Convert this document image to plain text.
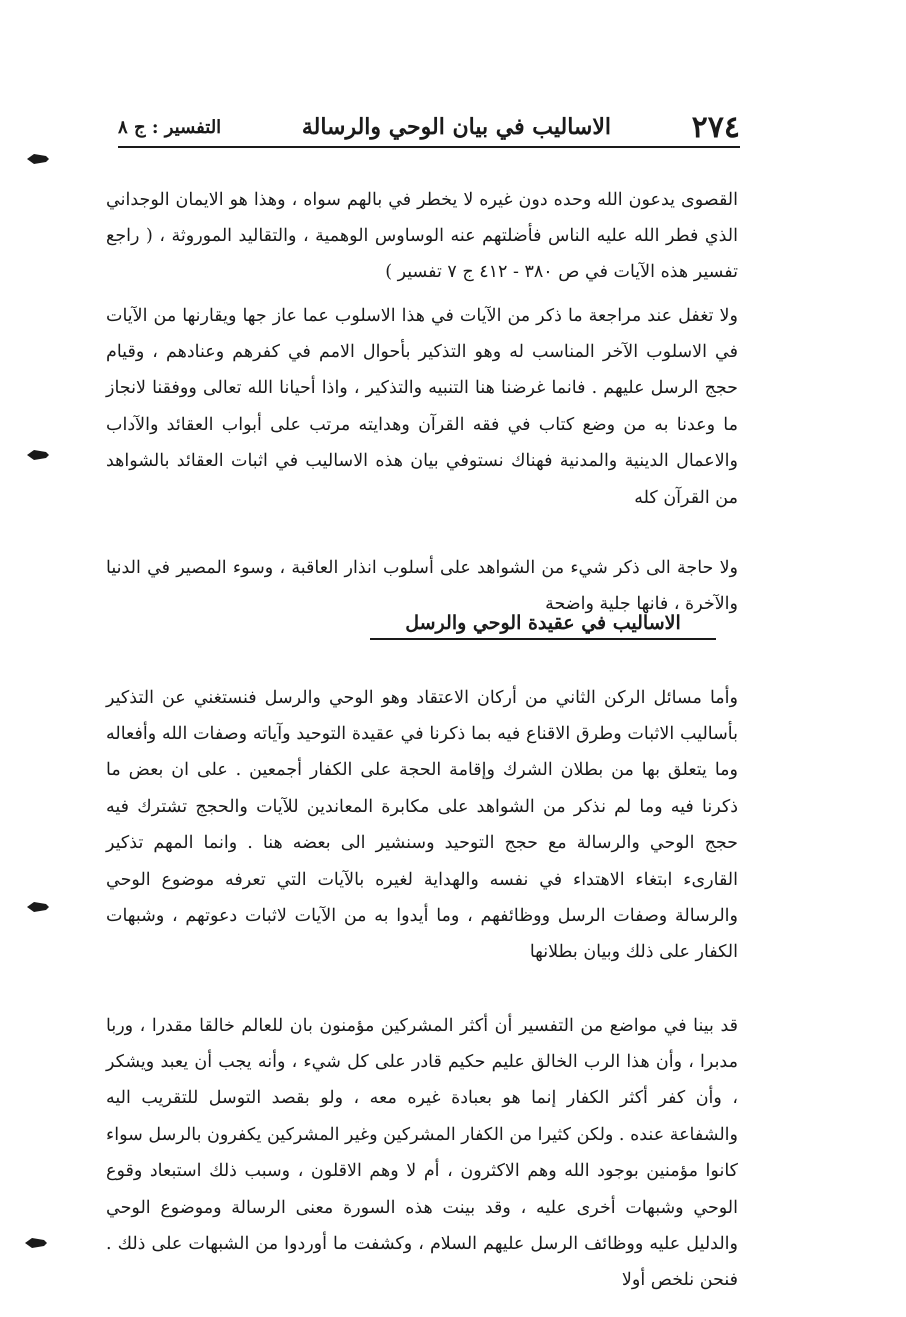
٢٧٤
الاساليب في بيان الوحي والرسالة
التفسير : ج ٨

القصوى يدعون الله وحده دون غيره لا يخطر في بالهم سواه ، وهذا هو الايمان الوجداني الذي فطر الله عليه الناس فأضلتهم عنه الوساوس الوهمية ، والتقاليد الموروثة ، ( راجع تفسير هذه الآيات في ص ٣٨٠ - ٤١٢ ج ٧ تفسير )

ولا تغفل عند مراجعة ما ذكر من الآيات في هذا الاسلوب عما عاز جها ويقارنها من الآيات في الاسلوب الآخر المناسب له وهو التذكير بأحوال الامم في كفرهم وعنادهم ، وقيام حجج الرسل عليهم . فانما غرضنا هنا التنبيه والتذكير ، واذا أحيانا الله تعالى ووفقنا لانجاز ما وعدنا به من وضع كتاب في فقه القرآن وهدايته مرتب على أبواب العقائد والآداب والاعمال الدينية والمدنية فهناك نستوفي بيان هذه الاساليب في اثبات العقائد بالشواهد من القرآن كله

ولا حاجة الى ذكر شيء من الشواهد على أسلوب انذار العاقبة ، وسوء المصير في الدنيا والآخرة ، فانها جلية واضحة

الاساليب في عقيدة الوحي والرسل

وأما مسائل الركن الثاني من أركان الاعتقاد وهو الوحي والرسل فنستغني عن التذكير بأساليب الاثبات وطرق الاقناع فيه بما ذكرنا في عقيدة التوحيد وآياته وصفات الله وأفعاله وما يتعلق بها من بطلان الشرك وإقامة الحجة على الكفار أجمعين . على ان بعض ما ذكرنا فيه وما لم نذكر من الشواهد على مكابرة المعاندين للآيات والحجج تشترك فيه حجج الوحي والرسالة مع حجج التوحيد وسنشير الى بعضه هنا . وانما المهم تذكير القارىء ابتغاء الاهتداء في نفسه والهداية لغيره بالآيات التي تعرفه موضوع الوحي والرسالة وصفات الرسل ووظائفهم ، وما أيدوا به من الآيات لاثبات دعوتهم ، وشبهات الكفار على ذلك وبيان بطلانها

قد بينا في مواضع من التفسير أن أكثر المشركين مؤمنون بان للعالم خالقا مقدرا ، وربا مدبرا ، وأن هذا الرب الخالق عليم حكيم قادر على كل شيء ، وأنه يجب أن يعبد ويشكر ، وأن كفر أكثر الكفار إنما هو بعبادة غيره معه ، ولو بقصد التوسل للتقريب اليه والشفاعة عنده . ولكن كثيرا من الكفار المشركين وغير المشركين يكفرون بالرسل سواء كانوا مؤمنين بوجود الله وهم الاكثرون ، أم لا وهم الاقلون ، وسبب ذلك استبعاد وقوع الوحي وشبهات أخرى عليه ، وقد بينت هذه السورة معنى الرسالة وموضوع الوحي والدليل عليه ووظائف الرسل عليهم السلام ، وكشفت ما أوردوا من الشبهات على ذلك . فنحن نلخص أولا
